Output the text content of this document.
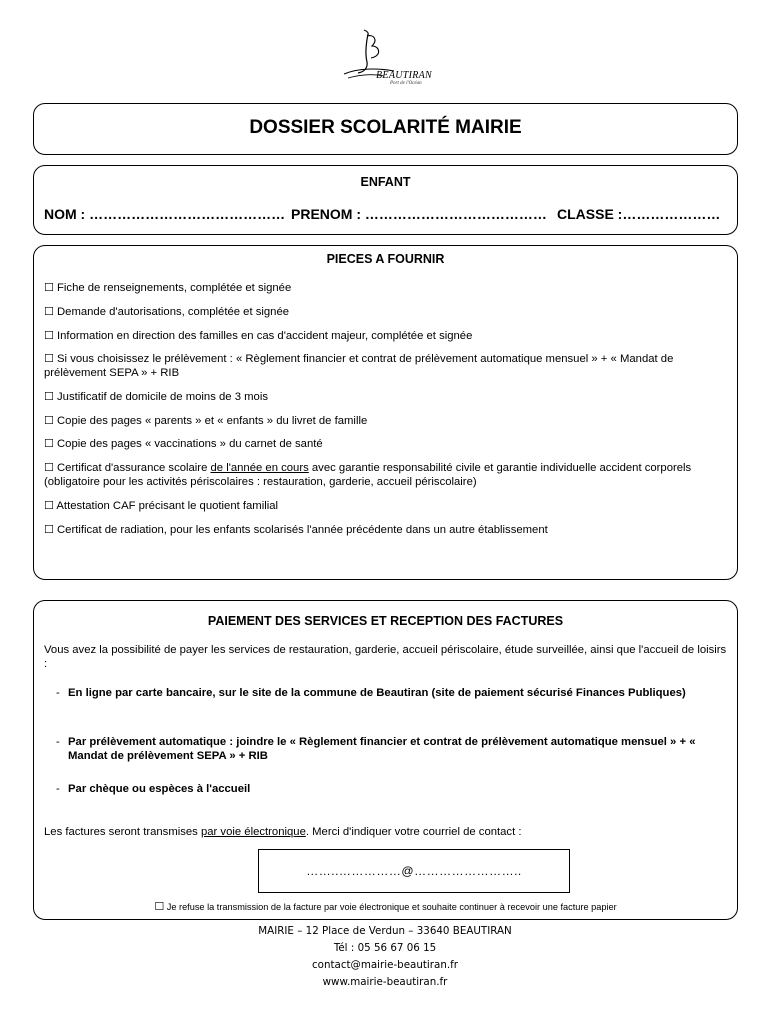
BEAUTIRAN
Port de l'Océan
DOSSIER SCOLARITÉ MAIRIE
ENFANT
NOM : …………………………………… PRENOM : ………………………………… CLASSE :…………………
PIECES A FOURNIR
☐ Fiche de renseignements, complétée et signée
☐ Demande d'autorisations, complétée et signée
☐ Information en direction des familles en cas d'accident majeur, complétée et signée
☐ Si vous choisissez le prélèvement : « Règlement financier et contrat de prélèvement automatique mensuel » + « Mandat de prélèvement SEPA » + RIB
☐ Justificatif de domicile de moins de 3 mois
☐ Copie des pages « parents » et « enfants » du livret de famille
☐ Copie des pages « vaccinations » du carnet de santé
☐ Certificat d'assurance scolaire de l'année en cours avec garantie responsabilité civile et garantie individuelle accident corporels (obligatoire pour les activités périscolaires : restauration, garderie, accueil périscolaire)
☐ Attestation CAF précisant le quotient familial
☐ Certificat de radiation, pour les enfants scolarisés l'année précédente dans un autre établissement
PAIEMENT DES SERVICES ET RECEPTION DES FACTURES
Vous avez la possibilité de payer les services de restauration, garderie, accueil périscolaire, étude surveillée, ainsi que l'accueil de loisirs :
- En ligne par carte bancaire, sur le site de la commune de Beautiran (site de paiement sécurisé Finances Publiques)
- Par prélèvement automatique : joindre le « Règlement financier et contrat de prélèvement automatique mensuel » + « Mandat de prélèvement SEPA » + RIB
- Par chèque ou espèces à l'accueil
Les factures seront transmises par voie électronique. Merci d'indiquer votre courriel de contact :
……..……………@……………………..
☐ Je refuse la transmission de la facture par voie électronique et souhaite continuer à recevoir une facture papier
MAIRIE – 12 Place de Verdun – 33640 BEAUTIRAN
Tél : 05 56 67 06 15
contact@mairie-beautiran.fr
www.mairie-beautiran.fr
